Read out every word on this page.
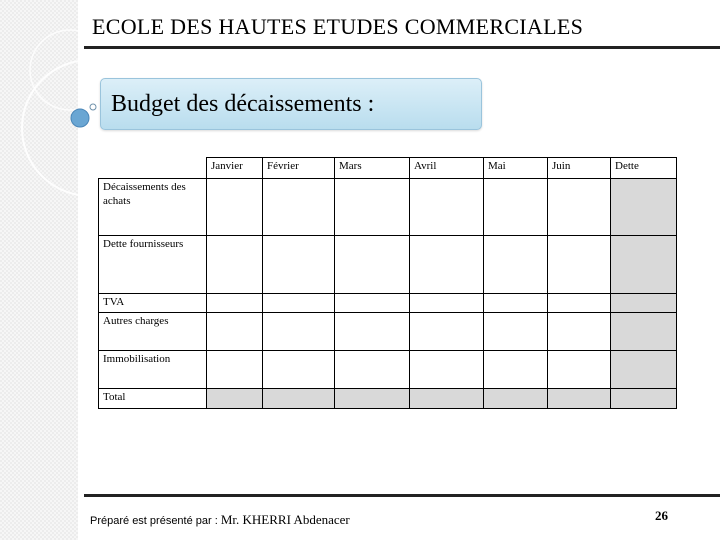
ECOLE DES HAUTES ETUDES COMMERCIALES
Budget des décaissements :
	Janvier	Février	Mars	Avril	Mai	Juin	Dette
Décaissements des achats							
Dette fournisseurs							
TVA							
Autres charges							
Immobilisation							
Total							
Préparé est présenté par : Mr. KHERRI Abdenacer	26
